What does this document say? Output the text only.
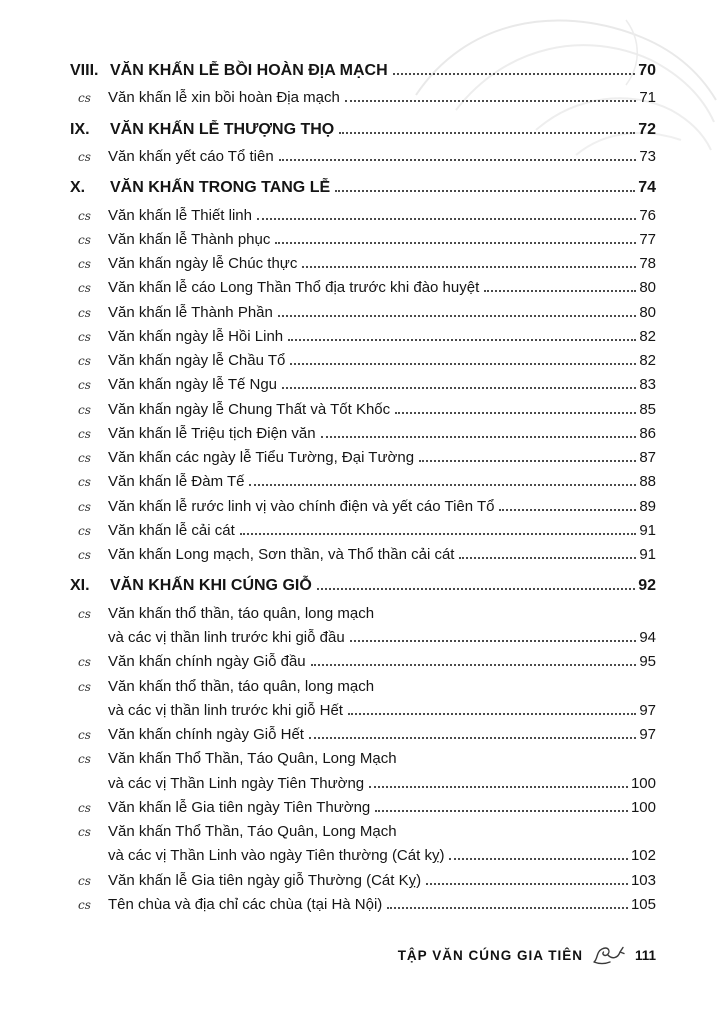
VIII. VĂN KHẤN LỄ BỒI HOÀN ĐỊA MẠCH	70
cs	Văn khấn lễ xin bồi hoàn Địa mạch	71
IX.	VĂN KHẤN LỄ THƯỢNG THỌ	72
cs	Văn khấn yết cáo Tổ tiên	73
X.	VĂN KHẤN TRONG TANG LỄ	74
cs	Văn khấn lễ Thiết linh	76
cs	Văn khấn lễ Thành phục	77
cs	Văn khấn ngày lễ Chúc thực	78
cs	Văn khấn lễ cáo Long Thần Thổ địa trước khi đào huyệt	80
cs	Văn khấn lễ Thành Phần	80
cs	Văn khấn ngày lễ Hồi Linh	82
cs	Văn khấn ngày lễ Chầu Tổ	82
cs	Văn khấn ngày lễ Tế Ngu	83
cs	Văn khấn ngày lễ Chung Thất và Tốt Khốc	85
cs	Văn khấn lễ Triệu tịch Điện văn	86
cs	Văn khấn các ngày lễ Tiểu Tường, Đại Tường	87
cs	Văn khấn lễ Đàm Tế	88
cs	Văn khấn lễ rước linh vị vào chính điện và yết cáo Tiên Tổ	89
cs	Văn khấn lễ cải cát	91
cs	Văn khấn Long mạch, Sơn thần, và Thổ thần cải cát	91
XI.	VĂN KHẤN KHI CÚNG GIỖ	92
cs	Văn khấn thổ thần, táo quân, long mạch
và các vị thần linh trước khi giỗ đầu	94
cs	Văn khấn chính ngày Giỗ đầu	95
cs	Văn khấn thổ thần, táo quân, long mạch
và các vị thần linh trước khi giỗ Hết	97
cs	Văn khấn chính ngày Giỗ Hết	97
cs	Văn khấn Thổ Thần, Táo Quân, Long Mạch
và các vị Thần Linh ngày Tiên Thường	100
cs	Văn khấn lễ Gia tiên ngày Tiên Thường	100
cs	Văn khấn Thổ Thần, Táo Quân, Long Mạch
và các vị Thần Linh vào ngày Tiên thường (Cát kỵ)	102
cs	Văn khấn lễ Gia tiên ngày giỗ Thường (Cát Kỵ)	103
cs	Tên chùa và địa chỉ các chùa (tại Hà Nội)	105
TẬP VĂN CÚNG GIA TIÊN	111
